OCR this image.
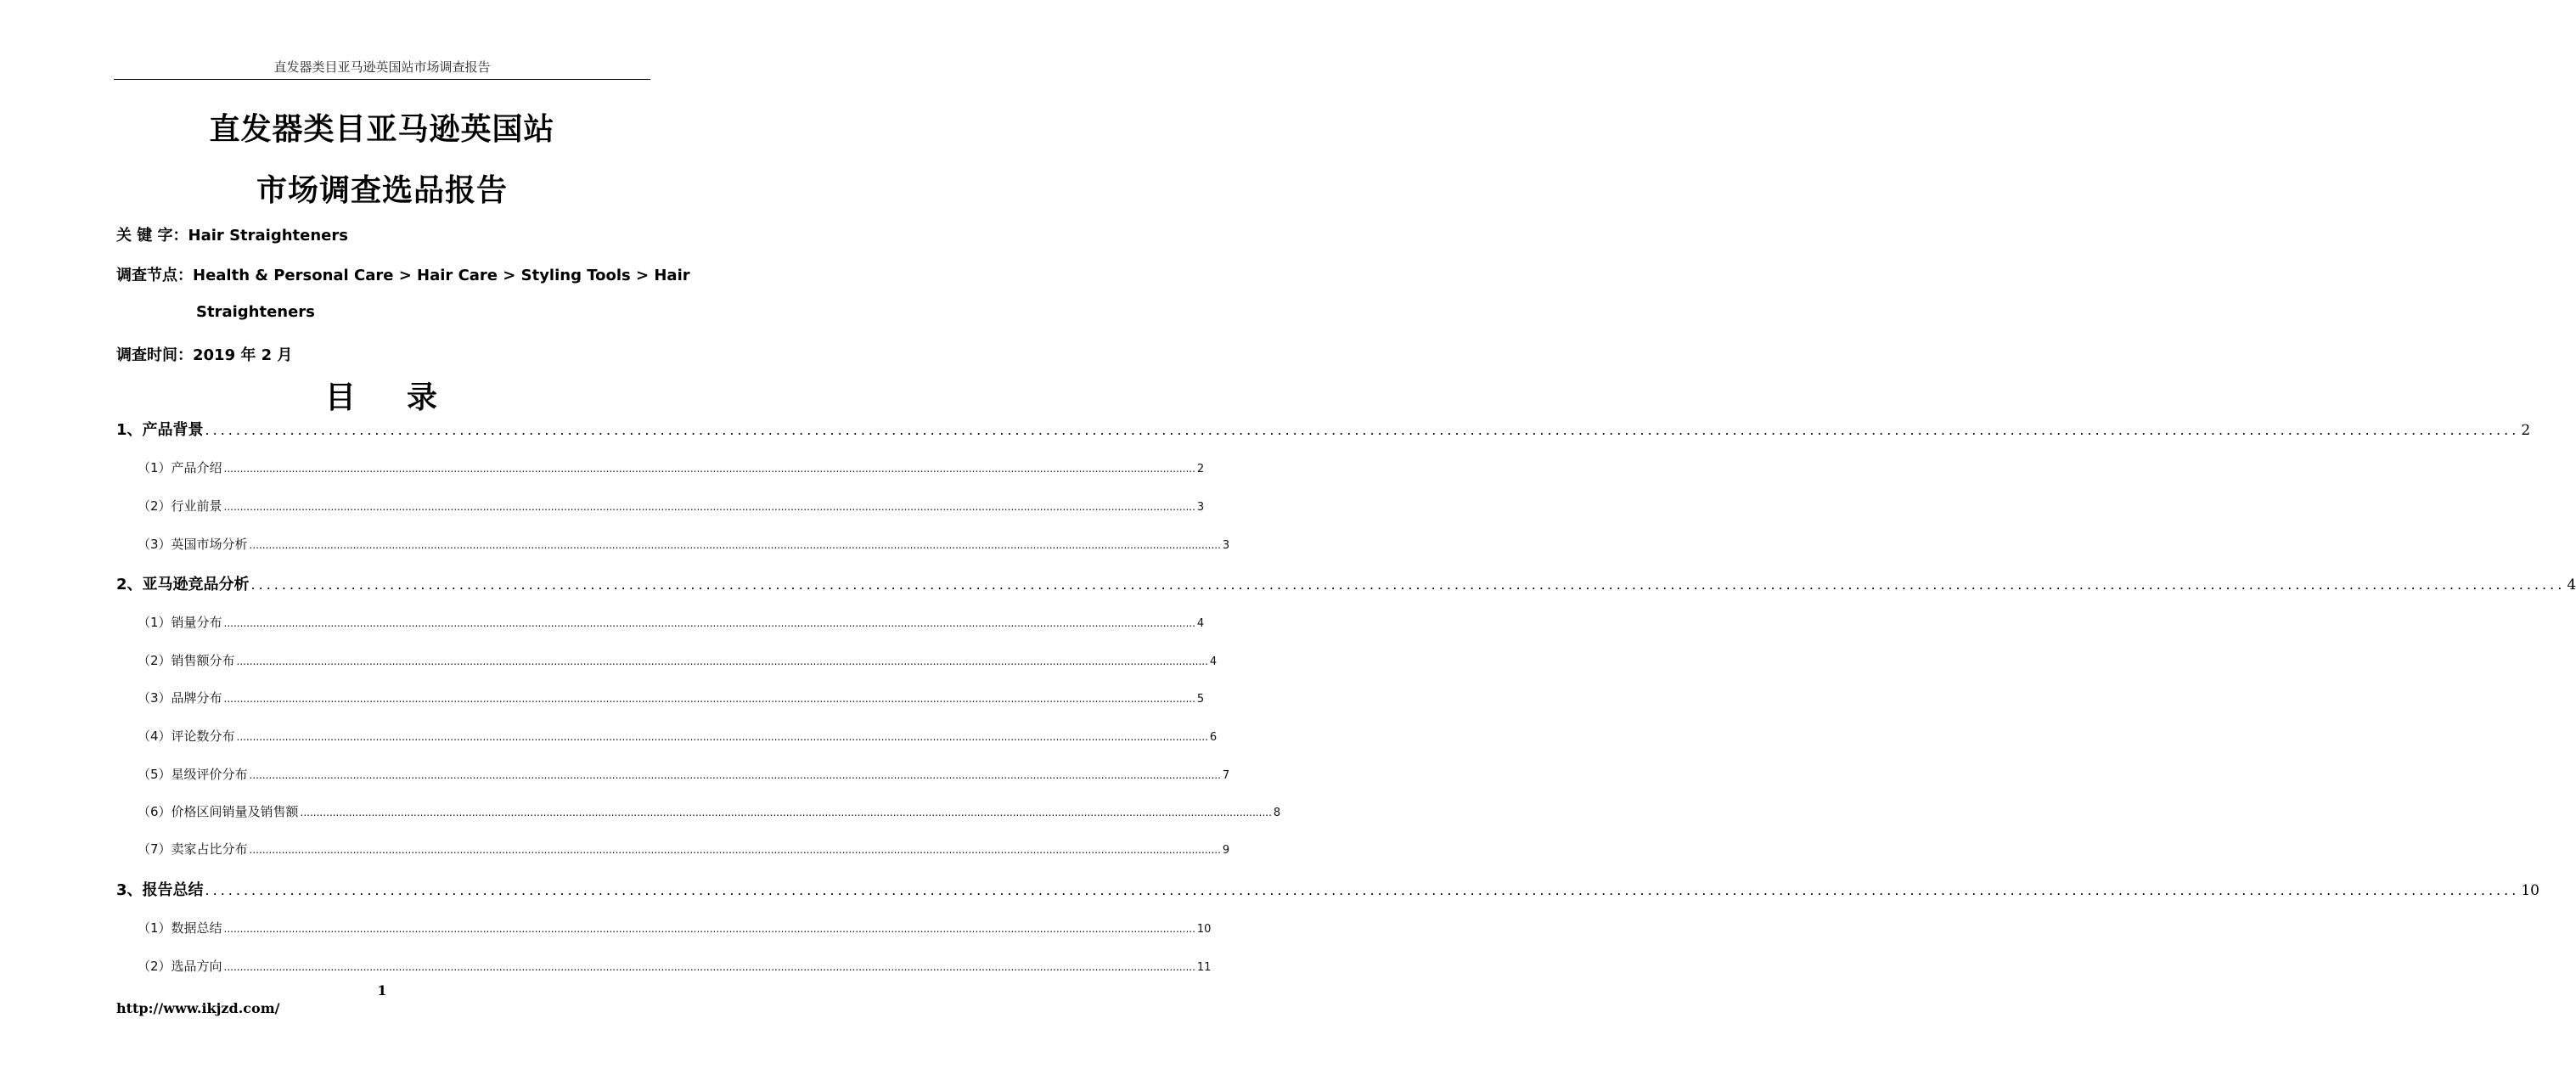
直发器类目亚马逊英国站市场调查报告
直发器类目亚马逊英国站
市场调查选品报告
关 键 字：Hair Straighteners
调查节点：Health & Personal Care > Hair Care > Styling Tools > Hair
Straighteners
调查时间：2019 年 2 月
目    录
1、产品背景 ............................................................................................................................................................................................................................................................................................................ 2
（1）产品介绍 ............................................................................................................................................................................................................................................................................................................ 2
（2）行业前景 ............................................................................................................................................................................................................................................................................................................ 3
（3）英国市场分析 ............................................................................................................................................................................................................................................................................................................ 3
2、亚马逊竞品分析 ............................................................................................................................................................................................................................................................................................................ 4
（1）销量分布 ............................................................................................................................................................................................................................................................................................................ 4
（2）销售额分布 ............................................................................................................................................................................................................................................................................................................ 4
（3）品牌分布 ............................................................................................................................................................................................................................................................................................................ 5
（4）评论数分布 ............................................................................................................................................................................................................................................................................................................ 6
（5）星级评价分布 ............................................................................................................................................................................................................................................................................................................ 7
（6）价格区间销量及销售额 ............................................................................................................................................................................................................................................................................................................ 8
（7）卖家占比分布 ............................................................................................................................................................................................................................................................................................................ 9
3、报告总结 ............................................................................................................................................................................................................................................................................................................ 10
（1）数据总结 ............................................................................................................................................................................................................................................................................................................ 10
（2）选品方向 ............................................................................................................................................................................................................................................................................................................ 11
1
http://www.ikjzd.com/
